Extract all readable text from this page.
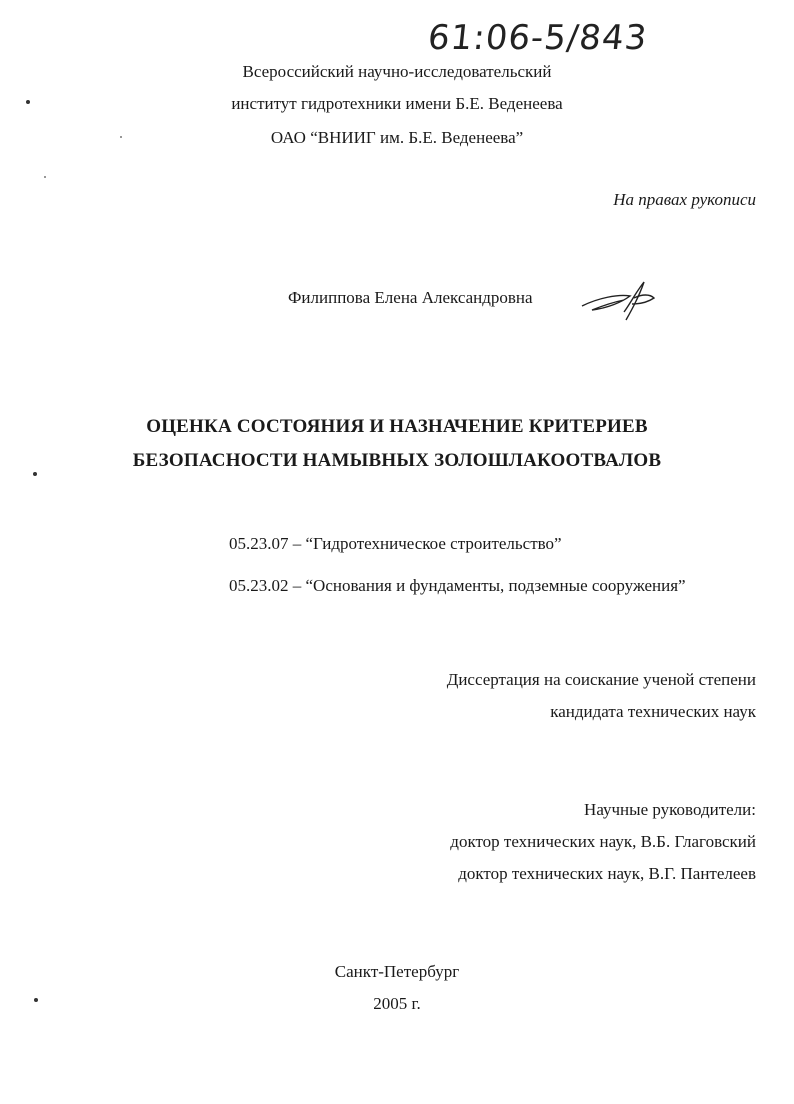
61:06-5/843
Всероссийский научно-исследовательский
институт гидротехники имени Б.Е. Веденеева
ОАО “ВНИИГ им. Б.Е. Веденеева”
На правах рукописи
Филиппова Елена Александровна
ОЦЕНКА СОСТОЯНИЯ И НАЗНАЧЕНИЕ КРИТЕРИЕВ
БЕЗОПАСНОСТИ НАМЫВНЫХ ЗОЛОШЛАКООТВАЛОВ
05.23.07 – “Гидротехническое строительство”
05.23.02 – “Основания и фундаменты, подземные сооружения”
Диссертация на соискание ученой степени
кандидата технических наук
Научные руководители:
доктор технических наук, В.Б. Глаговский
доктор технических наук, В.Г. Пантелеев
Санкт-Петербург
2005 г.
